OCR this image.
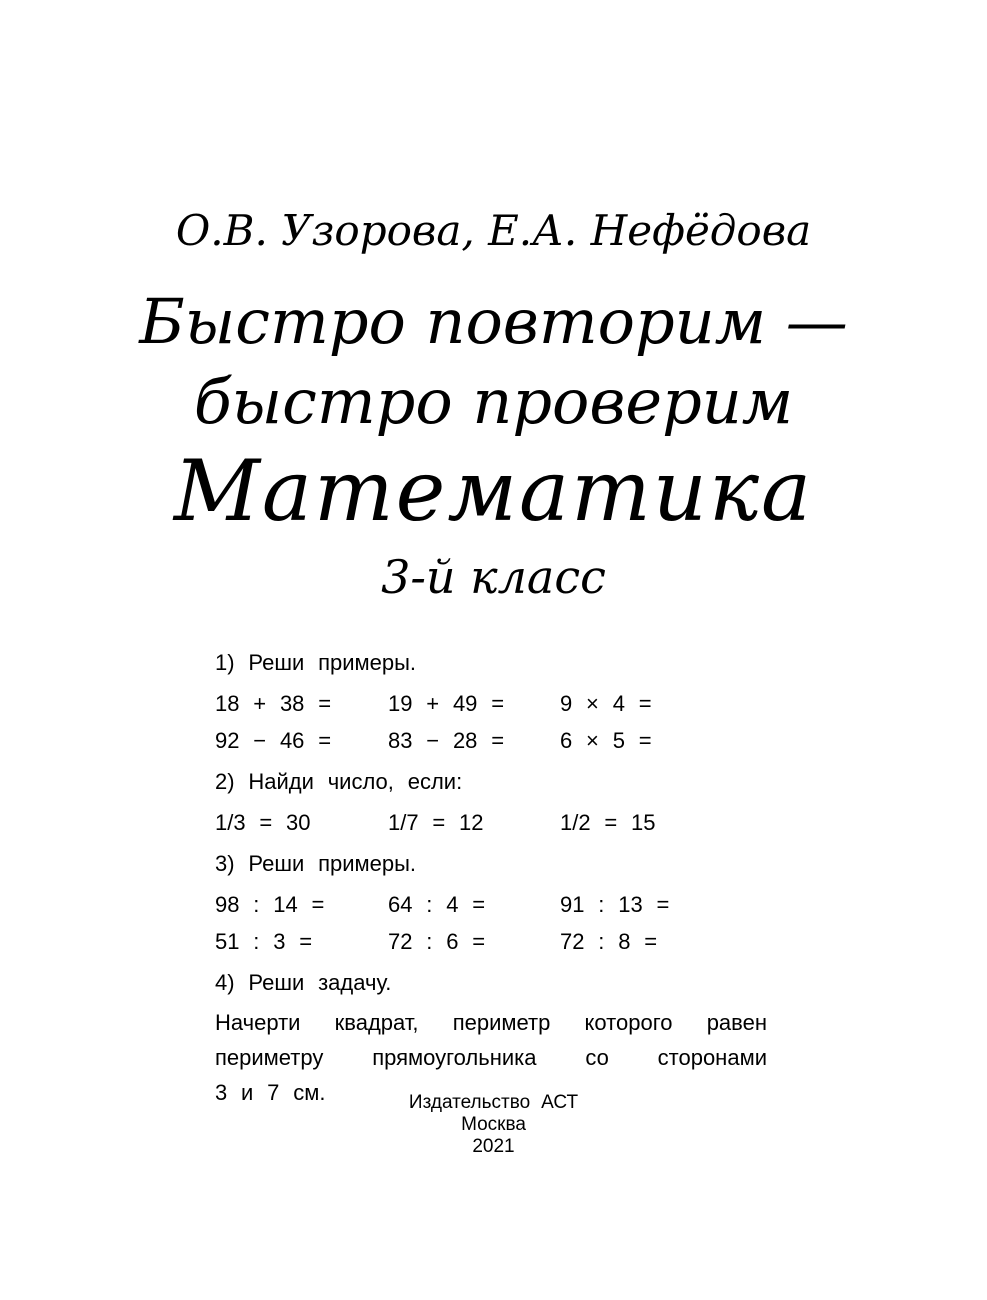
О.В. Узорова, Е.А. Нефёдова
Быстро повторим —
быстро проверим
Математика
3-й класс
1) Реши примеры.
18 + 38 =	19 + 49 =	9 × 4 =
92 − 46 =	83 − 28 =	6 × 5 =
2) Найди число, если:
1/3 = 30	1/7 = 12	1/2 = 15
3) Реши примеры.
98 : 14 =	64 : 4 =	91 : 13 =
51 : 3 =	72 : 6 =	72 : 8 =
4) Реши задачу.
Начерти квадрат, периметр которого равен
периметру прямоугольника со сторонами
3 и 7 см.	Издательство АСТ
Москва
2021
